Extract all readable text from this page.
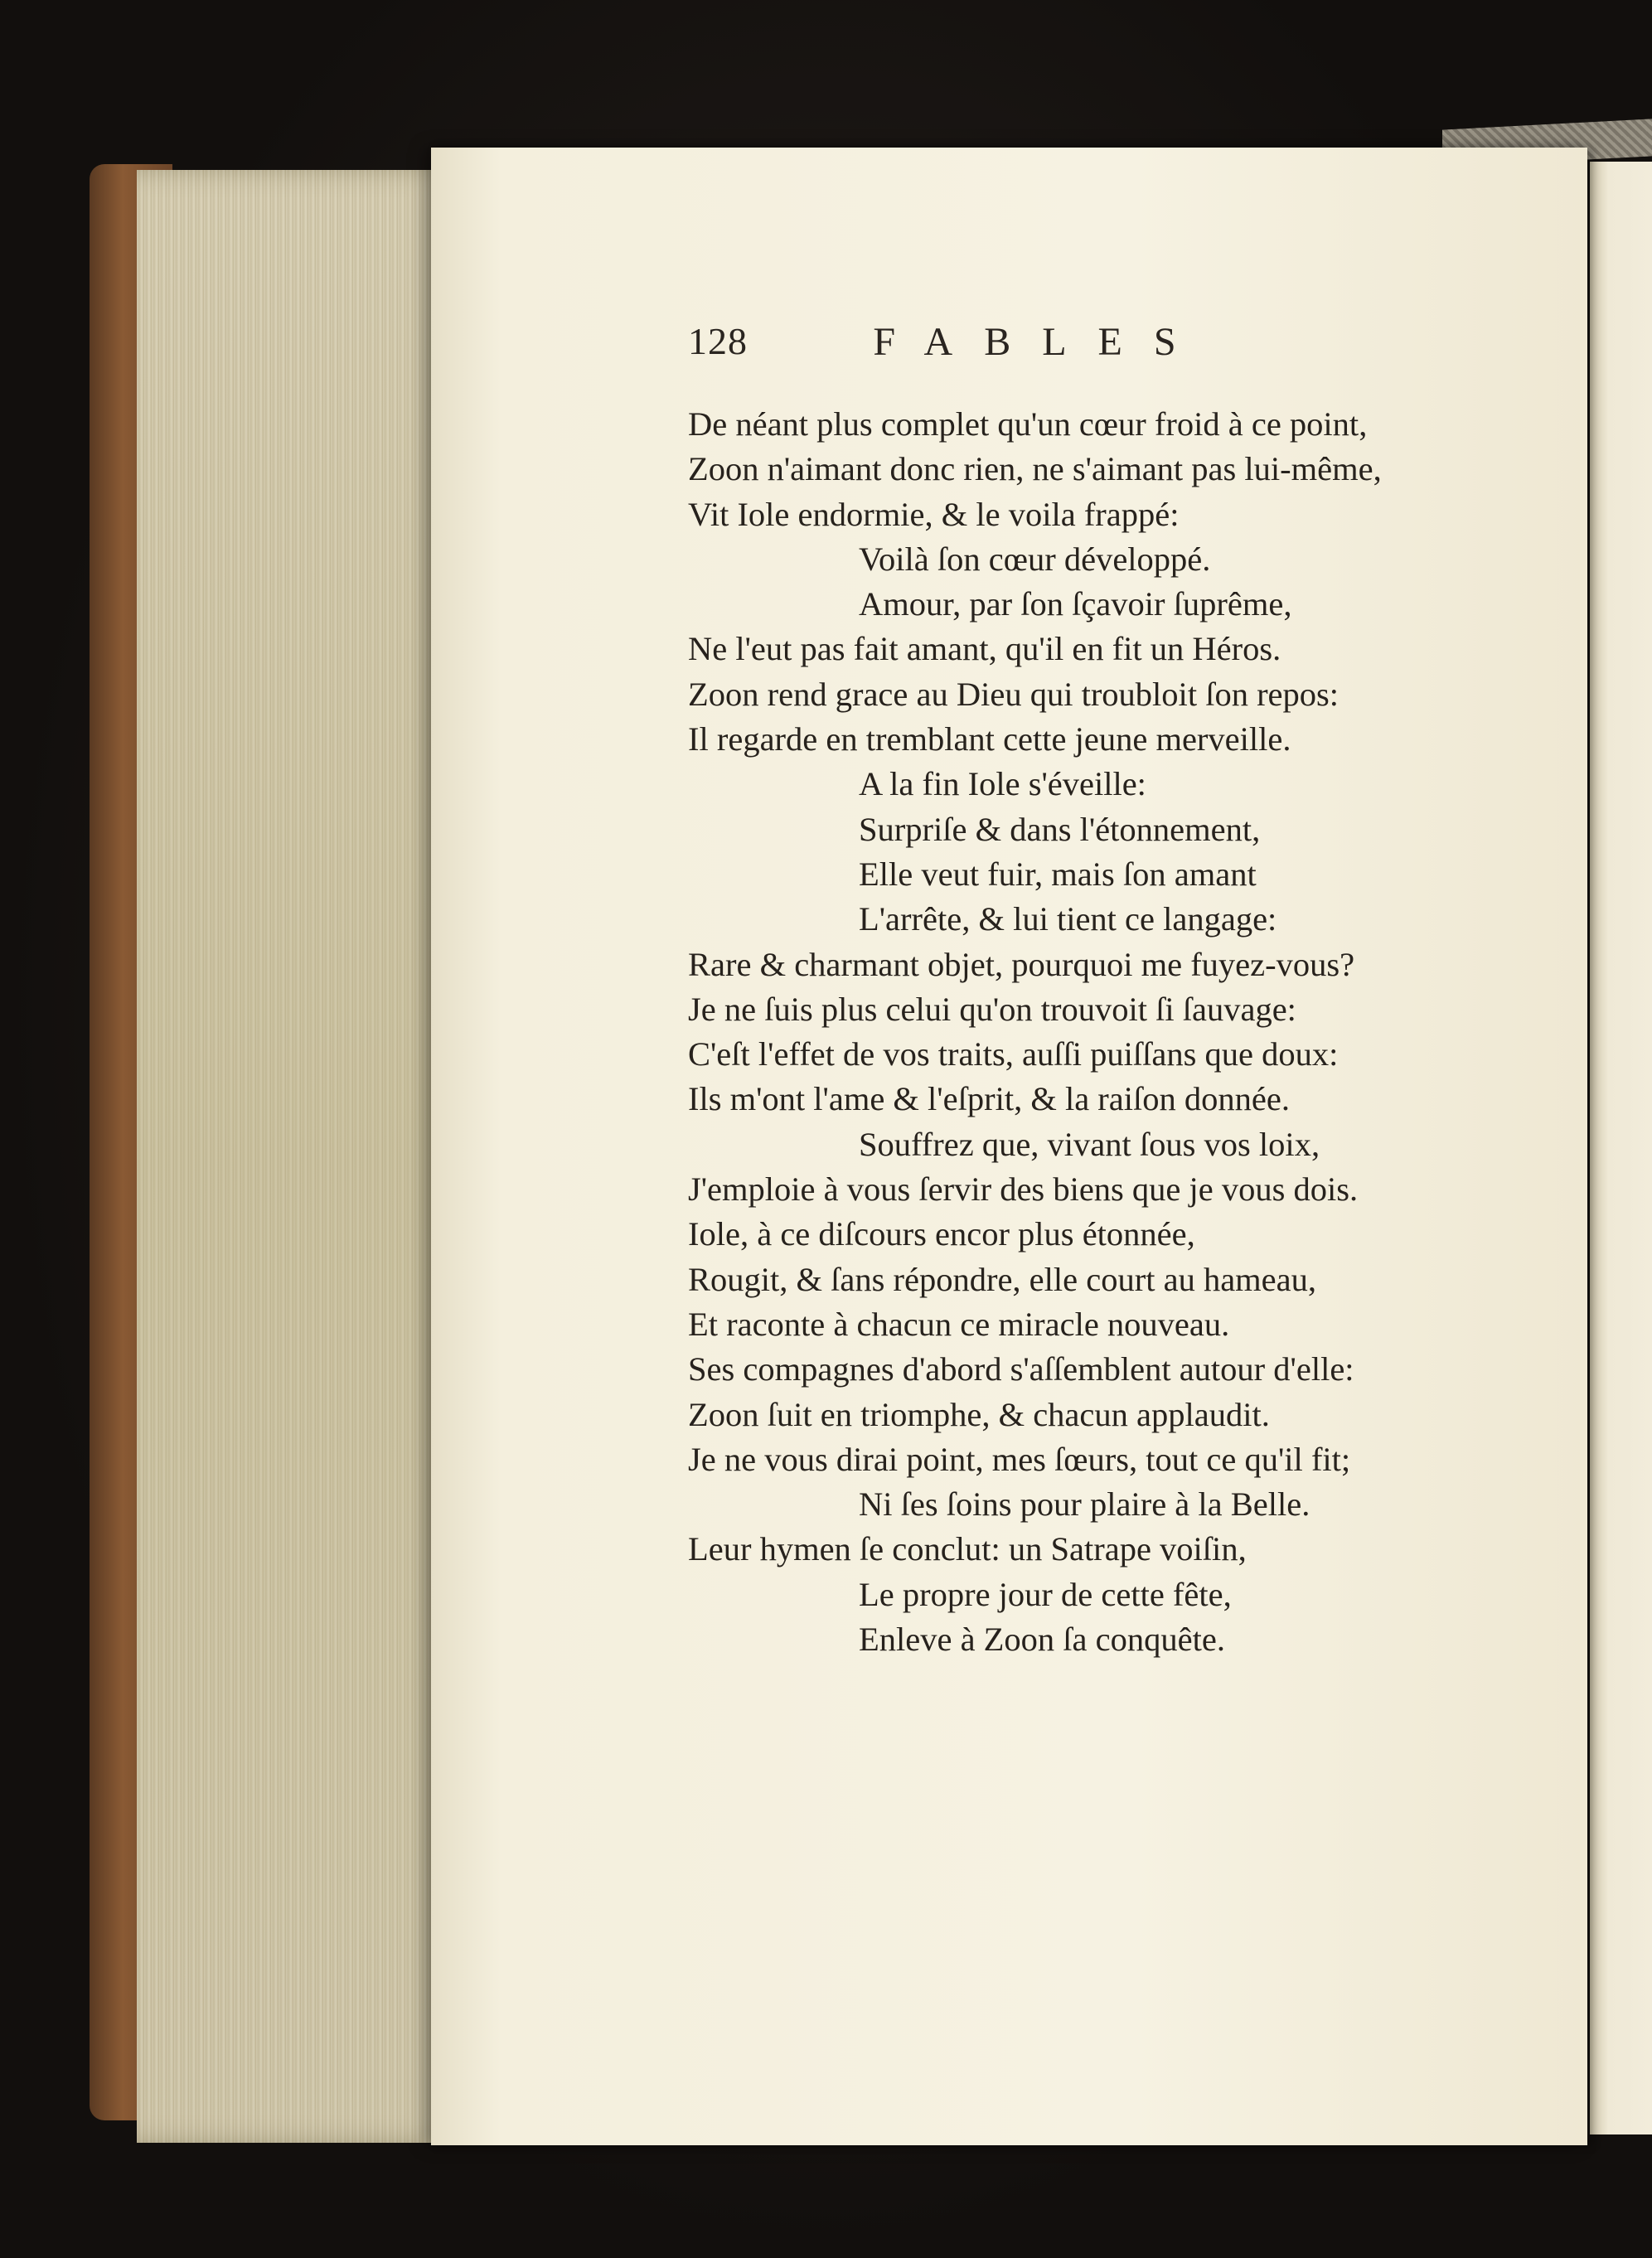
128	FABLES
De néant plus complet qu'un cœur froid à ce point,
Zoon n'aimant donc rien, ne s'aimant pas lui-même,
Vit Iole endormie, & le voila frappé:
Voilà ſon cœur développé.
Amour, par ſon ſçavoir ſuprême,
Ne l'eut pas fait amant, qu'il en fit un Héros.
Zoon rend grace au Dieu qui troubloit ſon repos:
Il regarde en tremblant cette jeune merveille.
A la fin Iole s'éveille:
Surpriſe & dans l'étonnement,
Elle veut fuir, mais ſon amant
L'arrête, & lui tient ce langage:
Rare & charmant objet, pourquoi me fuyez-vous?
Je ne ſuis plus celui qu'on trouvoit ſi ſauvage:
C'eſt l'effet de vos traits, auſſi puiſſans que doux:
Ils m'ont l'ame & l'eſprit, & la raiſon donnée.
Souffrez que, vivant ſous vos loix,
J'emploie à vous ſervir des biens que je vous dois.
Iole, à ce diſcours encor plus étonnée,
Rougit, & ſans répondre, elle court au hameau,
Et raconte à chacun ce miracle nouveau.
Ses compagnes d'abord s'aſſemblent autour d'elle:
Zoon ſuit en triomphe, & chacun applaudit.
Je ne vous dirai point, mes ſœurs, tout ce qu'il fit;
Ni ſes ſoins pour plaire à la Belle.
Leur hymen ſe conclut: un Satrape voiſin,
Le propre jour de cette fête,
Enleve à Zoon ſa conquête.
